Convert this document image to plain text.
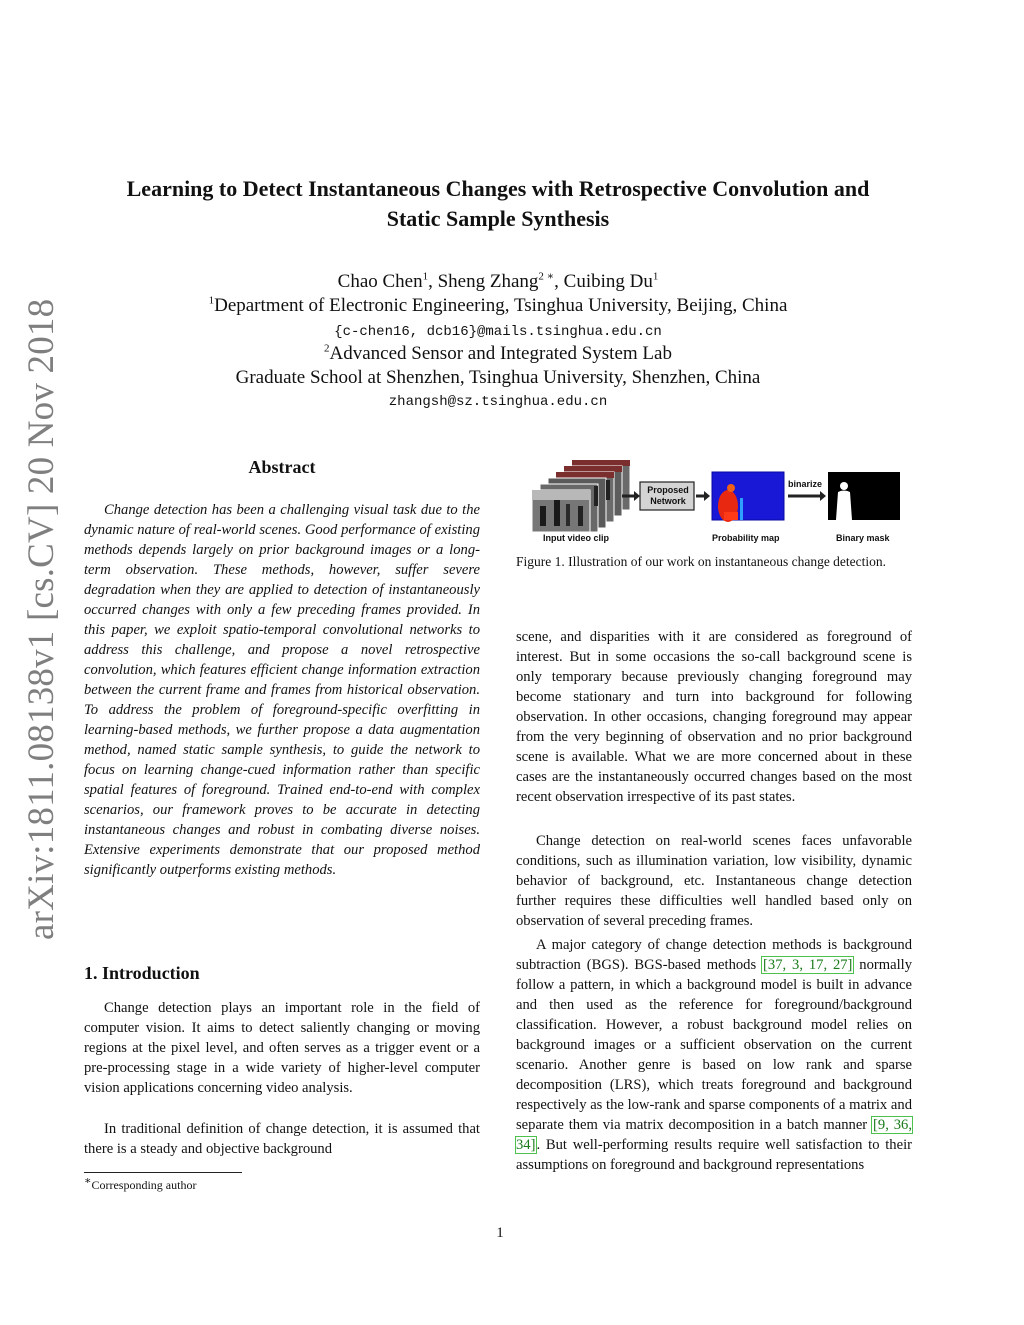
arXiv:1811.08138v1 [cs.CV] 20 Nov 2018
Learning to Detect Instantaneous Changes with Retrospective Convolution and
Static Sample Synthesis
Chao Chen$^1$, Sheng Zhang$^{2 ∗}$, Cuibing Du$^1$
$^1$Department of Electronic Engineering, Tsinghua University, Beijing, China
{c-chen16, dcb16}@mails.tsinghua.edu.cn
$^2$Advanced Sensor and Integrated System Lab
Graduate School at Shenzhen, Tsinghua University, Shenzhen, China
zhangsh@sz.tsinghua.edu.cn
Abstract

Change detection has been a challenging visual task due to the dynamic nature of real-world scenes. Good performance of existing methods depends largely on prior background images or a long-term observation. These methods, however, suffer severe degradation when they are applied to detection of instantaneously occurred changes with only a few preceding frames provided. In this paper, we exploit spatio-temporal convolutional networks to address this challenge, and propose a novel retrospective convolution, which features efficient change information extraction between the current frame and frames from historical observation. To address the problem of foreground-specific overfitting in learning-based methods, we further propose a data augmentation method, named static sample synthesis, to guide the network to focus on learning change-cued information rather than specific spatial features of foreground. Trained end-to-end with complex scenarios, our framework proves to be accurate in detecting instantaneous changes and robust in combating diverse noises. Extensive experiments demonstrate that our proposed method significantly outperforms existing methods.

1. Introduction

Change detection plays an important role in the field of computer vision. It aims to detect saliently changing or moving regions at the pixel level, and often serves as a trigger event or a pre-processing stage in a wide variety of higher-level computer vision applications concerning video analysis.

In traditional definition of change detection, it is assumed that there is a steady and objective background

∗Corresponding author
Input video clip
Proposed
Network
Probability map
binarize
Binary mask
Figure 1. Illustration of our work on instantaneous change detection.

scene, and disparities with it are considered as foreground of interest. But in some occasions the so-call background scene is only temporary because previously changing foreground may become stationary and turn into background for following observation. In other occasions, changing foreground may appear from the very beginning of observation and no prior background scene is available. What we are more concerned about in these cases are the instantaneously occurred changes based on the most recent observation irrespective of its past states.

Change detection on real-world scenes faces unfavorable conditions, such as illumination variation, low visibility, dynamic behavior of background, etc. Instantaneous change detection further requires these difficulties well handled based only on observation of several preceding frames.

A major category of change detection methods is background subtraction (BGS). BGS-based methods [37, 3, 17, 27] normally follow a pattern, in which a background model is built in advance and then used as the reference for foreground/background classification. However, a robust background model relies on background images or a sufficient observation on the current scenario. Another genre is based on low rank and sparse decomposition (LRS), which treats foreground and background respectively as the low-rank and sparse components of a matrix and separate them via matrix decomposition in a batch manner [9, 36, 34]. But well-performing results require well satisfaction to their assumptions on foreground and background representations

1
